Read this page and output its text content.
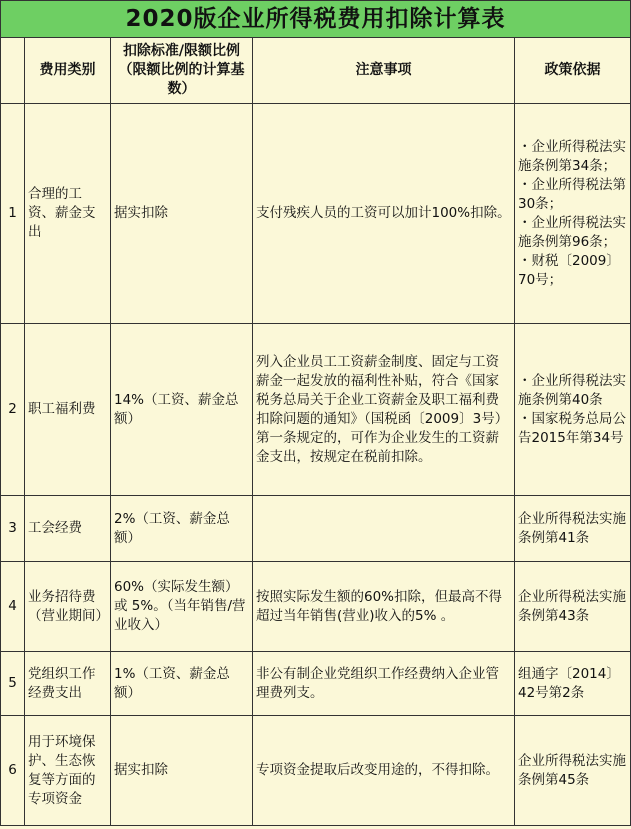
2020版企业所得税费用扣除计算表				
	费用类别	扣除标准/限额比例（限额比例的计算基数）	注意事项	政策依据
1	合理的工资、薪金支出	据实扣除	支付残疾人员的工资可以加计100%扣除。	・企业所得税法实施条例第34条；
・企业所得税法第30条；
・企业所得税法实施条例第96条；
・财税〔2009〕70号；

2	职工福利费	14%（工资、薪金总额）	列入企业员工工资薪金制度、固定与工资薪金一起发放的福利性补贴，符合《国家税务总局关于企业工资薪金及职工福利费扣除问题的通知》（国税函〔2009〕3号）第一条规定的，可作为企业发生的工资薪金支出，按规定在税前扣除。	・企业所得税法实施条例第40条
・国家税务总局公告2015年第34号

3	工会经费	2%（工资、薪金总额）		企业所得税法实施条例第41条

4	业务招待费（营业期间）	60%（实际发生额）或 5%。（当年销售/营业收入）	按照实际发生额的60%扣除，但最高不得超过当年销售(营业)收入的5% 。	企业所得税法实施条例第43条

5	党组织工作经费支出	1%（工资、薪金总额）	非公有制企业党组织工作经费纳入企业管理费列支。	组通字〔2014〕42号第2条

6	用于环境保护、生态恢复等方面的专项资金	据实扣除	专项资金提取后改变用途的，不得扣除。	企业所得税法实施条例第45条
